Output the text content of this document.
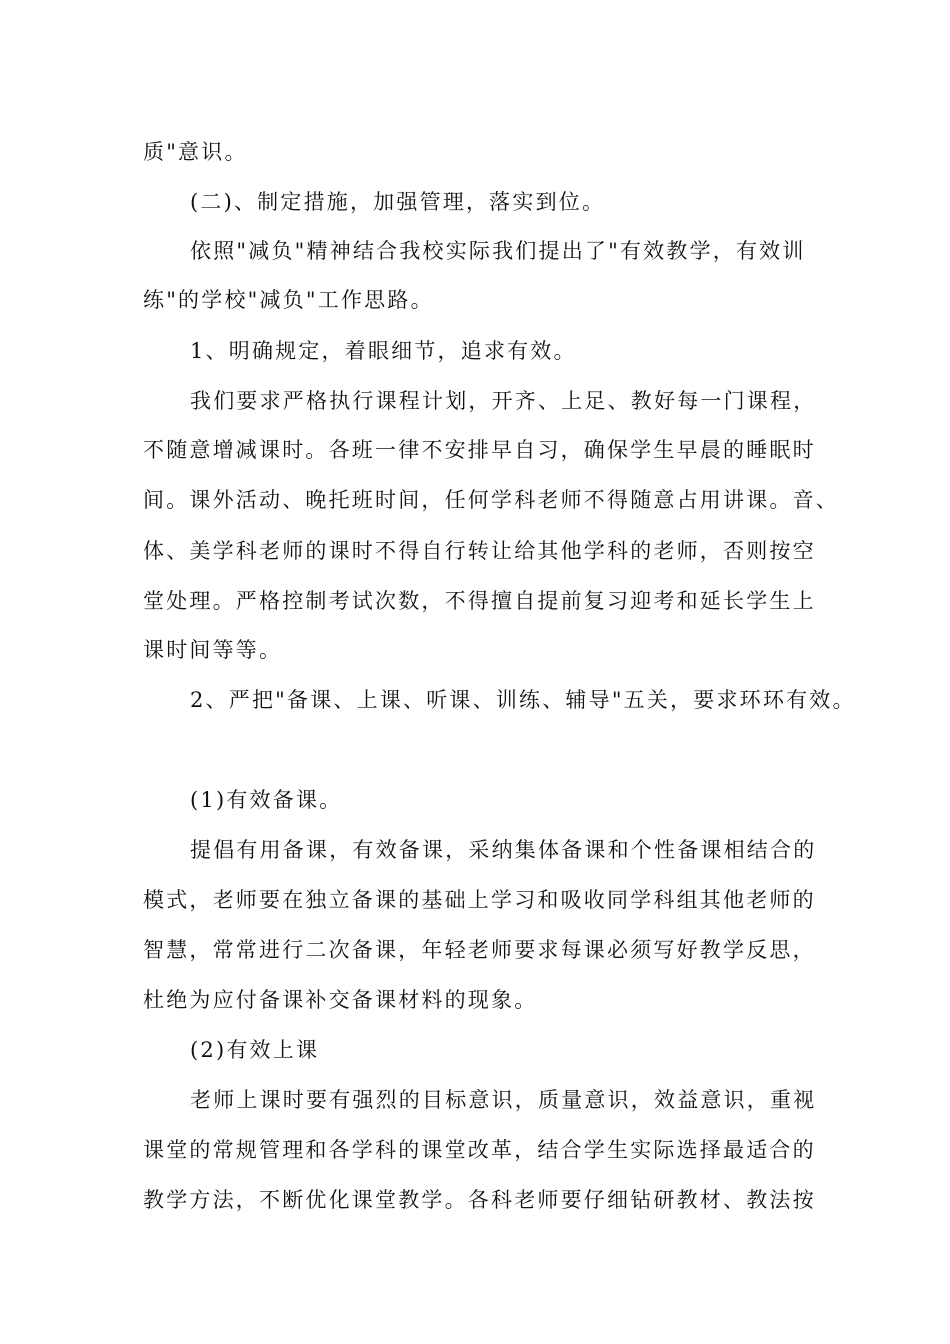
质"意识。
(二)、制定措施，加强管理，落实到位。
依照"减负"精神结合我校实际我们提出了"有效教学，有效训
练"的学校"减负"工作思路。
1、明确规定，着眼细节，追求有效。
我们要求严格执行课程计划，开齐、上足、教好每一门课程，
不随意增减课时。各班一律不安排早自习，确保学生早晨的睡眠时
间。课外活动、晚托班时间，任何学科老师不得随意占用讲课。音、
体、美学科老师的课时不得自行转让给其他学科的老师，否则按空
堂处理。严格控制考试次数，不得擅自提前复习迎考和延长学生上
课时间等等。
2、严把"备课、上课、听课、训练、辅导"五关，要求环环有效。
(1)有效备课。
提倡有用备课，有效备课，采纳集体备课和个性备课相结合的
模式，老师要在独立备课的基础上学习和吸收同学科组其他老师的
智慧，常常进行二次备课，年轻老师要求每课必须写好教学反思，
杜绝为应付备课补交备课材料的现象。
(2)有效上课
老师上课时要有强烈的目标意识，质量意识，效益意识，重视
课堂的常规管理和各学科的课堂改革，结合学生实际选择最适合的
教学方法，不断优化课堂教学。各科老师要仔细钻研教材、教法按
